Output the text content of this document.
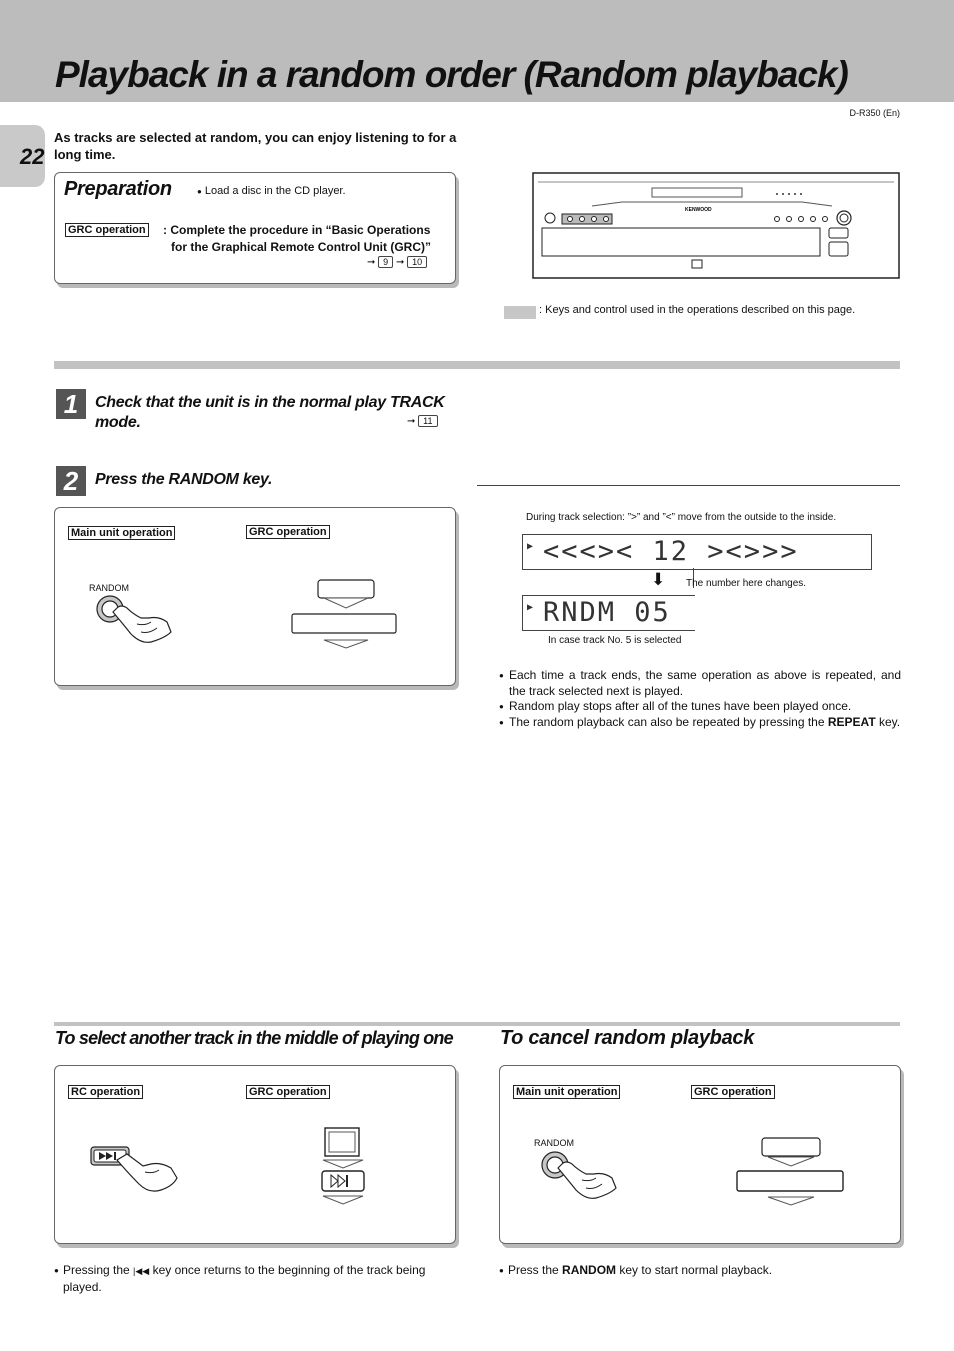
Playback in a random order (Random playback)
D-R350 (En)
22
As tracks are selected at random, you can enjoy listening to for a long time.
Preparation	● Load a disc in the CD player.
GRC operation : Complete the procedure in “Basic Operations
for the Graphical Remote Control Unit (GRC)”
➞ 9 ➞ 10
KENWOOD
: Keys and control used in the operations described on this page.
1	Check that the unit is in the normal play TRACK
mode.	➞ 11
2	Press the RANDOM key.
Main unit operation	GRC operation
RANDOM
During track selection: ”>” and ”<” move from the outside to the inside.
▶ <<<>< 12 ><>>>
⬇ The number here changes.
▶ RNDM 05
In case track No. 5 is selected
● Each time a track ends, the same operation as above is repeated, and the track selected next is played.
● Random play stops after all of the tunes have been played once.
● The random playback can also be repeated by pressing the REPEAT key.
To select another track in the middle of playing one
RC operation	GRC operation
● Pressing the |◀◀ key once returns to the beginning of the track being played.
To cancel random playback
Main unit operation	GRC operation
RANDOM
● Press the RANDOM key to start normal playback.
